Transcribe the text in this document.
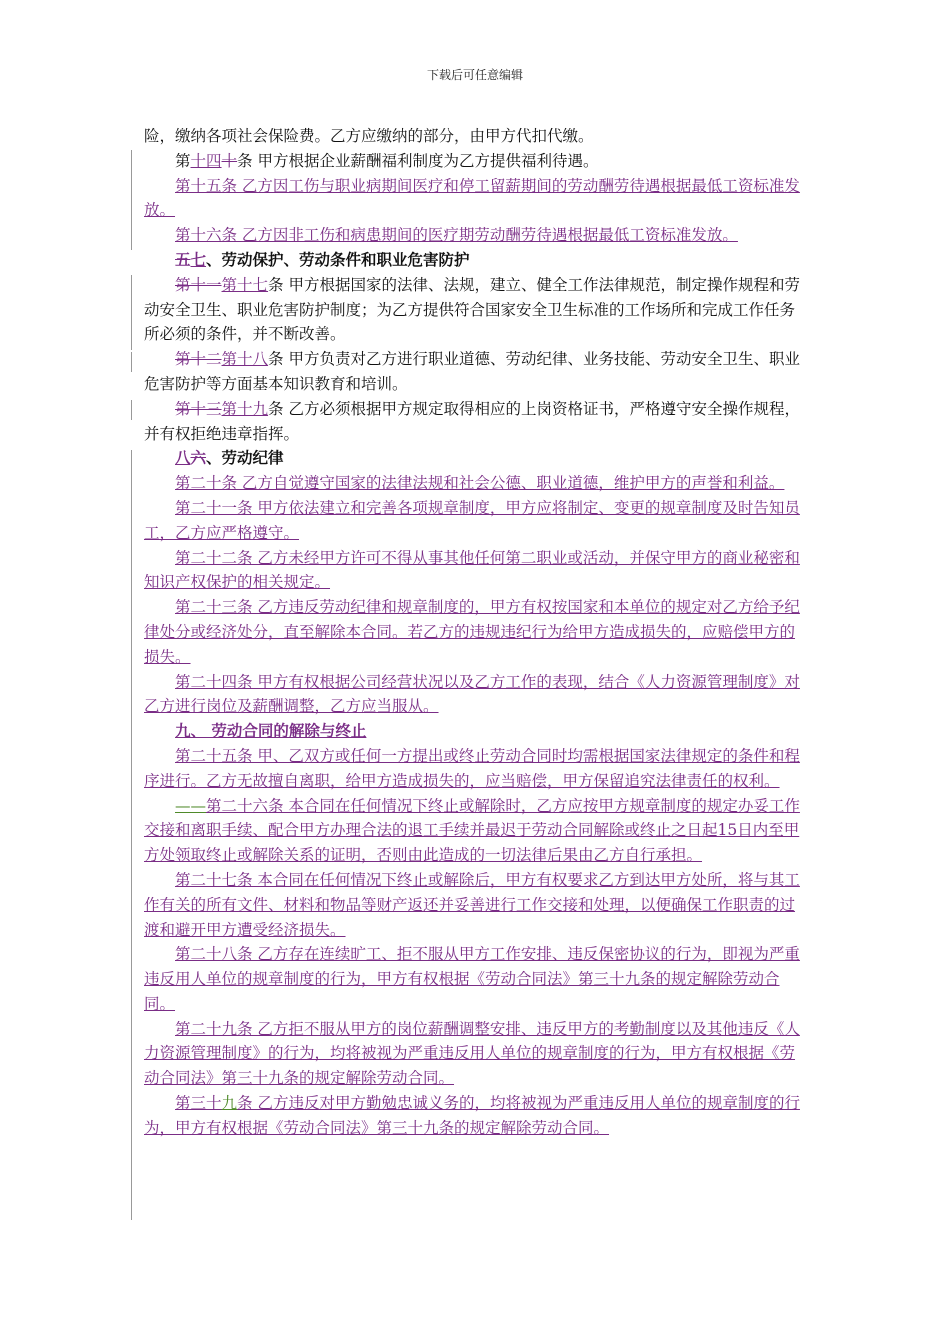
下载后可任意编辑

险，缴纳各项社会保险费。乙方应缴纳的部分，由甲方代扣代缴。

第十四十条 甲方根据企业薪酬福利制度为乙方提供福利待遇。

第十五条 乙方因工伤与职业病期间医疗和停工留薪期间的劳动酬劳待遇根据最低工资标准发放。

第十六条 乙方因非工伤和病患期间的医疗期劳动酬劳待遇根据最低工资标准发放。

五七、劳动保护、劳动条件和职业危害防护

第十一第十七条 甲方根据国家的法律、法规，建立、健全工作法律规范，制定操作规程和劳动安全卫生、职业危害防护制度；为乙方提供符合国家安全卫生标准的工作场所和完成工作任务所必须的条件，并不断改善。

第十二第十八条 甲方负责对乙方进行职业道德、劳动纪律、业务技能、劳动安全卫生、职业危害防护等方面基本知识教育和培训。

第十三第十九条 乙方必须根据甲方规定取得相应的上岗资格证书，严格遵守安全操作规程，并有权拒绝违章指挥。

八六、劳动纪律

第二十条 乙方自觉遵守国家的法律法规和社会公德、职业道德，维护甲方的声誉和利益。

第二十一条 甲方依法建立和完善各项规章制度，甲方应将制定、变更的规章制度及时告知员工，乙方应严格遵守。

第二十二条 乙方未经甲方许可不得从事其他任何第二职业或活动，并保守甲方的商业秘密和知识产权保护的相关规定。

第二十三条 乙方违反劳动纪律和规章制度的，甲方有权按国家和本单位的规定对乙方给予纪律处分或经济处分，直至解除本合同。若乙方的违规违纪行为给甲方造成损失的，应赔偿甲方的损失。

第二十四条 甲方有权根据公司经营状况以及乙方工作的表现，结合《人力资源管理制度》对乙方进行岗位及薪酬调整，乙方应当服从。

九、 劳动合同的解除与终止

第二十五条 甲、乙双方或任何一方提出或终止劳动合同时均需根据国家法律规定的条件和程序进行。乙方无故擅自离职，给甲方造成损失的，应当赔偿，甲方保留追究法律责任的权利。

——第二十六条 本合同在任何情况下终止或解除时，乙方应按甲方规章制度的规定办妥工作交接和离职手续、配合甲方办理合法的退工手续并最迟于劳动合同解除或终止之日起15日内至甲方处领取终止或解除关系的证明，否则由此造成的一切法律后果由乙方自行承担。

第二十七条 本合同在任何情况下终止或解除后，甲方有权要求乙方到达甲方处所，将与其工作有关的所有文件、材料和物品等财产返还并妥善进行工作交接和处理，以便确保工作职责的过渡和避开甲方遭受经济损失。

第二十八条 乙方存在连续旷工、拒不服从甲方工作安排、违反保密协议的行为，即视为严重违反用人单位的规章制度的行为，甲方有权根据《劳动合同法》第三十九条的规定解除劳动合同。

第二十九条 乙方拒不服从甲方的岗位薪酬调整安排、违反甲方的考勤制度以及其他违反《人力资源管理制度》的行为，均将被视为严重违反用人单位的规章制度的行为，甲方有权根据《劳动合同法》第三十九条的规定解除劳动合同。

第三十九条 乙方违反对甲方勤勉忠诚义务的，均将被视为严重违反用人单位的规章制度的行为，甲方有权根据《劳动合同法》第三十九条的规定解除劳动合同。
